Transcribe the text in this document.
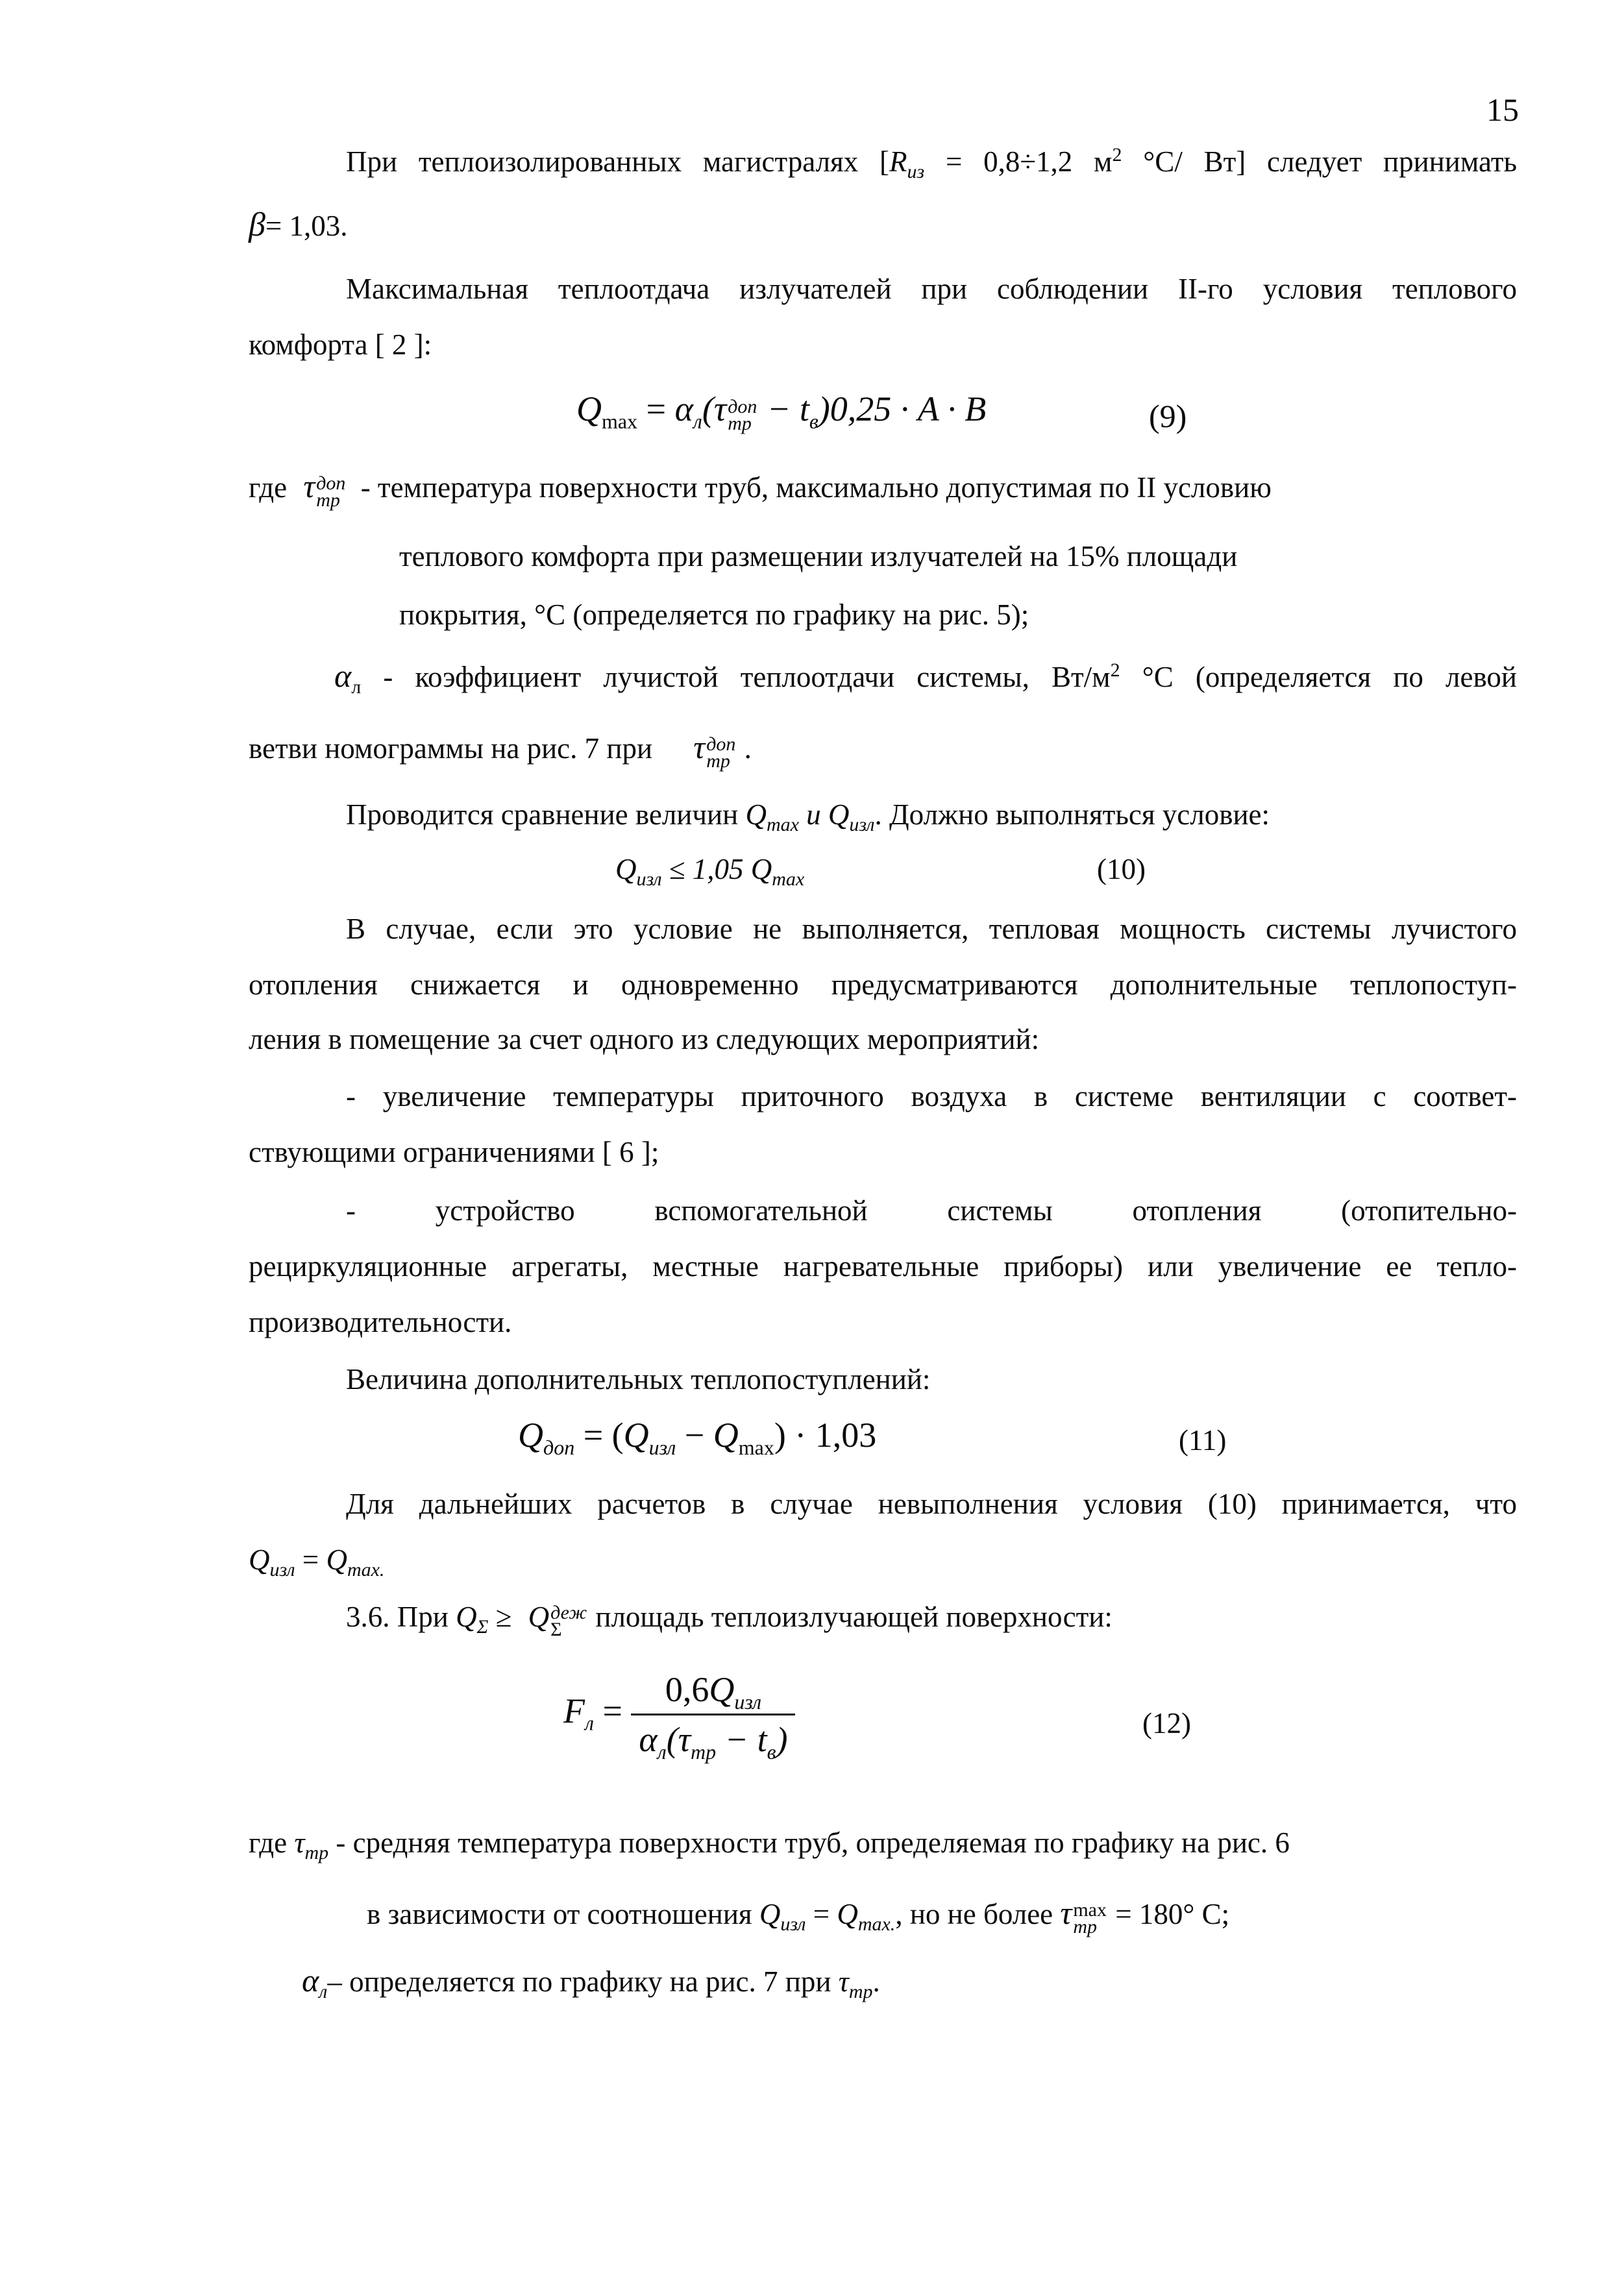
15
При теплоизолированных магистралях [$R_{из} = 0,8\div 1,2$ $м^2$ °С/ Вт] следует принимать
β= 1,03.
Максимальная теплоотдача излучателей при соблюдении II-го условия теплового
комфорта [ 2 ]:
$Q_{max} = \alpha_л(\tau$ доп
тр − $t_в)0,25 \cdot A \cdot B$	(9)
где τ доп
тр - температура поверхности труб, максимально допустимая по II условию
теплового комфорта при размещении излучателей на 15% площади
покрытия, °С (определяется по графику на рис. 5);
$\alpha_л$ - коэффициент лучистой теплоотдачи системы, $Вт/м^2$ °С (определяется по левой
ветви номограммы на рис. 7 при τ доп
тр .
Проводится сравнение величин $Q_{max}$ и $Q_{изл}$. Должно выполняться условие:
$Q_{изл} \le 1,05$ $Q_{max}$	(10)
В случае, если это условие не выполняется, тепловая мощность системы лучистого
отопления снижается и одновременно предусматриваются дополнительные теплопоступ-
ления в помещение за счет одного из следующих мероприятий:
- увеличение температуры приточного воздуха в системе вентиляции с соответ-
ствующими ограничениями [ 6 ];
- устройство вспомогательной системы отопления (отопительно-
рециркуляционные агрегаты, местные нагревательные приборы) или увеличение ее тепло-
производительности.
Величина дополнительных теплопоступлений:
$Q_{доп} = (Q_{изл} - Q_{max}) \cdot 1,03$	(11)
Для дальнейших расчетов в случае невыполнения условия (10) принимается, что
$Q_{изл} = Q_{max.}$
3.6. При $Q_\Sigma \ge Q$ деж
Σ площадь теплоизлучающей поверхности:
$F_л = \frac{0,6Q_{изл}}{\alpha_л(\tau_{тр} - t_в)}$	(12)
где $\tau_{тр}$ - средняя температура поверхности труб, определяемая по графику на рис. 6
в зависимости от соотношения $Q_{изл} = Q_{max.}$, но не более τ max
тр = 180° С;
$\alpha_л-$ определяется по графику на рис. 7 при $\tau_{тр}$.
